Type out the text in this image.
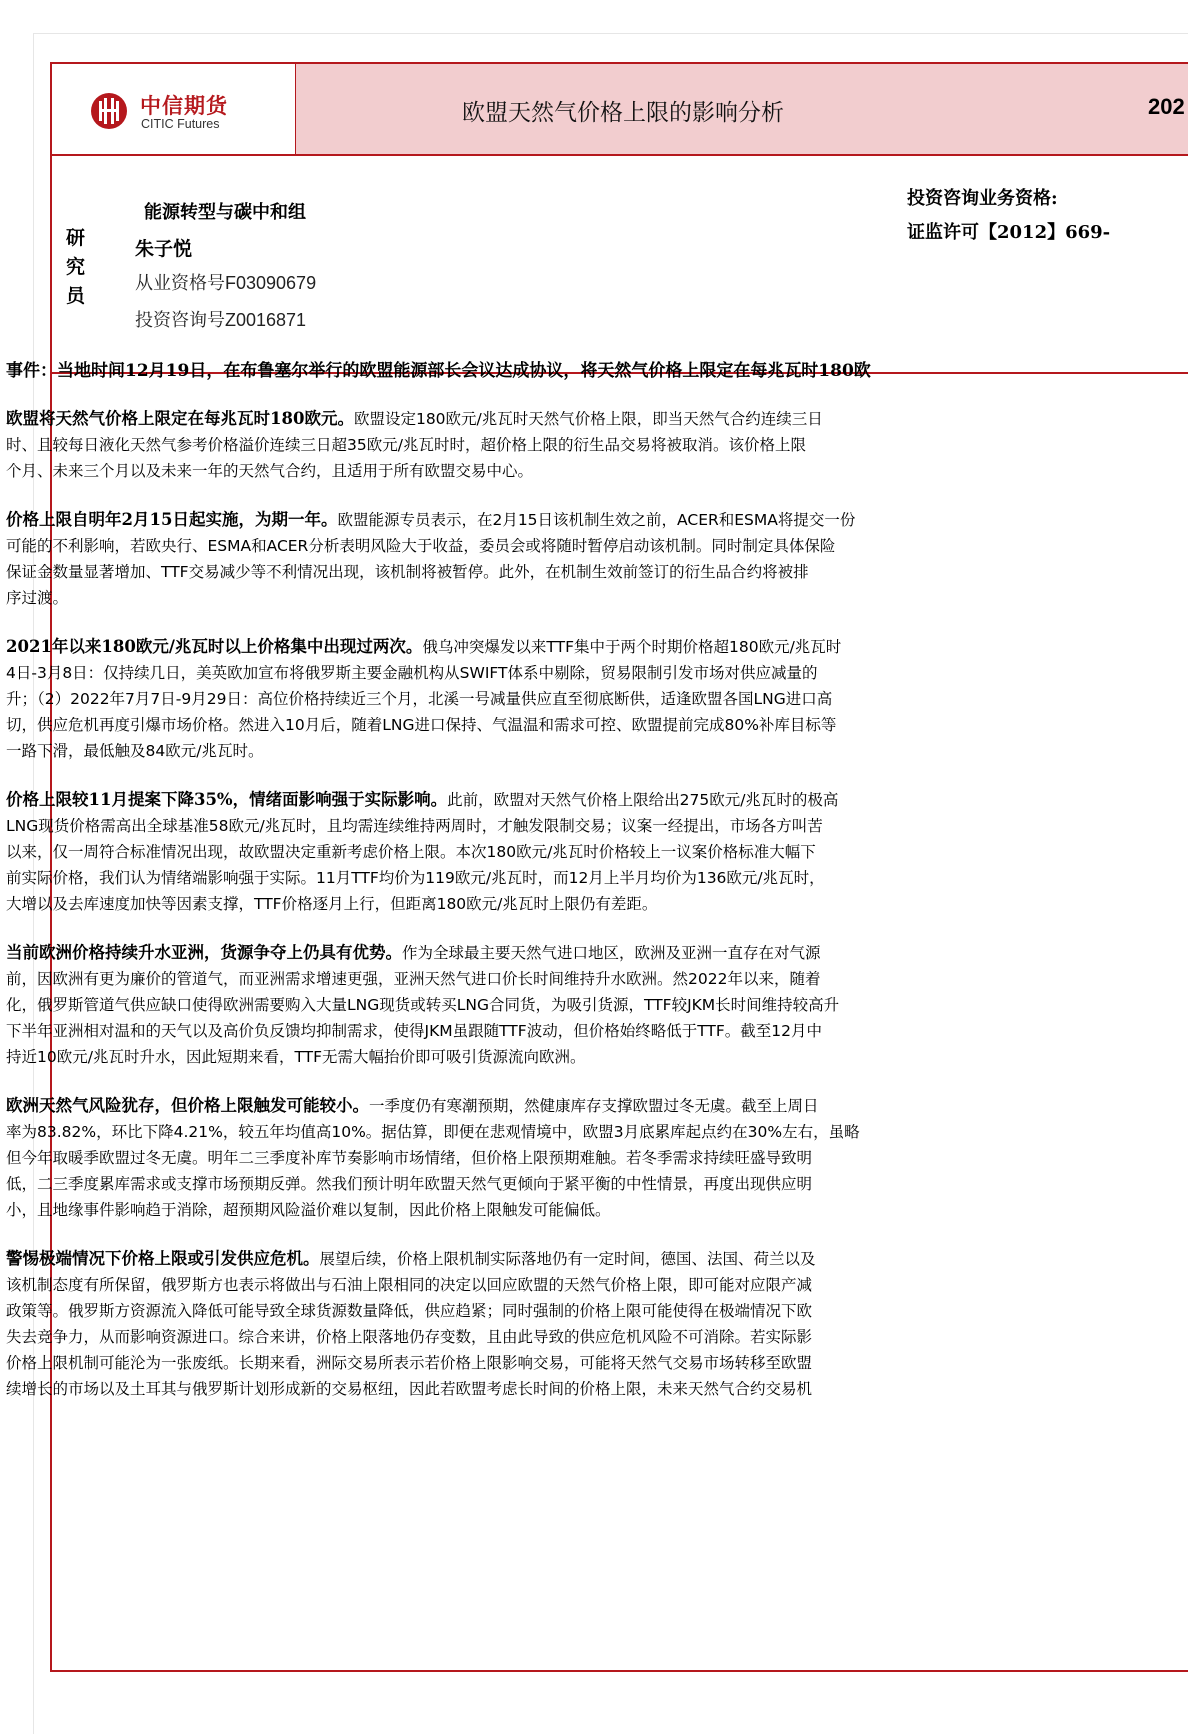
中信期货
CITIC Futures	欧盟天然气价格上限的影响分析	202
研
究
员
能源转型与碳中和组
朱子悦
从业资格号F03090679
投资咨询号Z0016871
投资咨询业务资格:
证监许可【2012】669-
事件：当地时间12月19日，在布鲁塞尔举行的欧盟能源部长会议达成协议，将天然气价格上限定在每兆瓦时180欧
欧盟将天然气价格上限定在每兆瓦时180欧元。欧盟设定180欧元/兆瓦时天然气价格上限，即当天然气合约连续三日
时、且较每日液化天然气参考价格溢价连续三日超35欧元/兆瓦时时，超价格上限的衍生品交易将被取消。该价格上限
个月、未来三个月以及未来一年的天然气合约，且适用于所有欧盟交易中心。
价格上限自明年2月15日起实施，为期一年。欧盟能源专员表示，在2月15日该机制生效之前，ACER和ESMA将提交一份
可能的不利影响，若欧央行、ESMA和ACER分析表明风险大于收益，委员会或将随时暂停启动该机制。同时制定具体保险
保证金数量显著增加、TTF交易减少等不利情况出现，该机制将被暂停。此外，在机制生效前签订的衍生品合约将被排
序过渡。
2021年以来180欧元/兆瓦时以上价格集中出现过两次。俄乌冲突爆发以来TTF集中于两个时期价格超180欧元/兆瓦时
4日-3月8日：仅持续几日，美英欧加宣布将俄罗斯主要金融机构从SWIFT体系中剔除，贸易限制引发市场对供应减量的
升；（2）2022年7月7日-9月29日：高位价格持续近三个月，北溪一号减量供应直至彻底断供，适逢欧盟各国LNG进口高
切，供应危机再度引爆市场价格。然进入10月后，随着LNG进口保持、气温温和需求可控、欧盟提前完成80%补库目标等
一路下滑，最低触及84欧元/兆瓦时。
价格上限较11月提案下降35%，情绪面影响强于实际影响。此前，欧盟对天然气价格上限给出275欧元/兆瓦时的极高
LNG现货价格需高出全球基准58欧元/兆瓦时，且均需连续维持两周时，才触发限制交易；议案一经提出，市场各方叫苦
以来，仅一周符合标准情况出现，故欧盟决定重新考虑价格上限。本次180欧元/兆瓦时价格较上一议案价格标准大幅下
前实际价格，我们认为情绪端影响强于实际。11月TTF均价为119欧元/兆瓦时，而12月上半月均价为136欧元/兆瓦时，
大增以及去库速度加快等因素支撑，TTF价格逐月上行，但距离180欧元/兆瓦时上限仍有差距。
当前欧洲价格持续升水亚洲，货源争夺上仍具有优势。作为全球最主要天然气进口地区，欧洲及亚洲一直存在对气源
前，因欧洲有更为廉价的管道气，而亚洲需求增速更强，亚洲天然气进口价长时间维持升水欧洲。然2022年以来，随着
化，俄罗斯管道气供应缺口使得欧洲需要购入大量LNG现货或转买LNG合同货，为吸引货源，TTF较JKM长时间维持较高升
下半年亚洲相对温和的天气以及高价负反馈均抑制需求，使得JKM虽跟随TTF波动，但价格始终略低于TTF。截至12月中
持近10欧元/兆瓦时升水，因此短期来看，TTF无需大幅抬价即可吸引货源流向欧洲。
欧洲天然气风险犹存，但价格上限触发可能较小。一季度仍有寒潮预期，然健康库存支撑欧盟过冬无虞。截至上周日
率为83.82%，环比下降4.21%，较五年均值高10%。据估算，即便在悲观情境中，欧盟3月底累库起点约在30%左右，虽略
但今年取暖季欧盟过冬无虞。明年二三季度补库节奏影响市场情绪，但价格上限预期难触。若冬季需求持续旺盛导致明
低，二三季度累库需求或支撑市场预期反弹。然我们预计明年欧盟天然气更倾向于紧平衡的中性情景，再度出现供应明
小，且地缘事件影响趋于消除，超预期风险溢价难以复制，因此价格上限触发可能偏低。
警惕极端情况下价格上限或引发供应危机。展望后续，价格上限机制实际落地仍有一定时间，德国、法国、荷兰以及
该机制态度有所保留，俄罗斯方也表示将做出与石油上限相同的决定以回应欧盟的天然气价格上限，即可能对应限产减
政策等。俄罗斯方资源流入降低可能导致全球货源数量降低，供应趋紧；同时强制的价格上限可能使得在极端情况下欧
失去竞争力，从而影响资源进口。综合来讲，价格上限落地仍存变数，且由此导致的供应危机风险不可消除。若实际影
价格上限机制可能沦为一张废纸。长期来看，洲际交易所表示若价格上限影响交易，可能将天然气交易市场转移至欧盟
续增长的市场以及土耳其与俄罗斯计划形成新的交易枢纽，因此若欧盟考虑长时间的价格上限，未来天然气合约交易机
